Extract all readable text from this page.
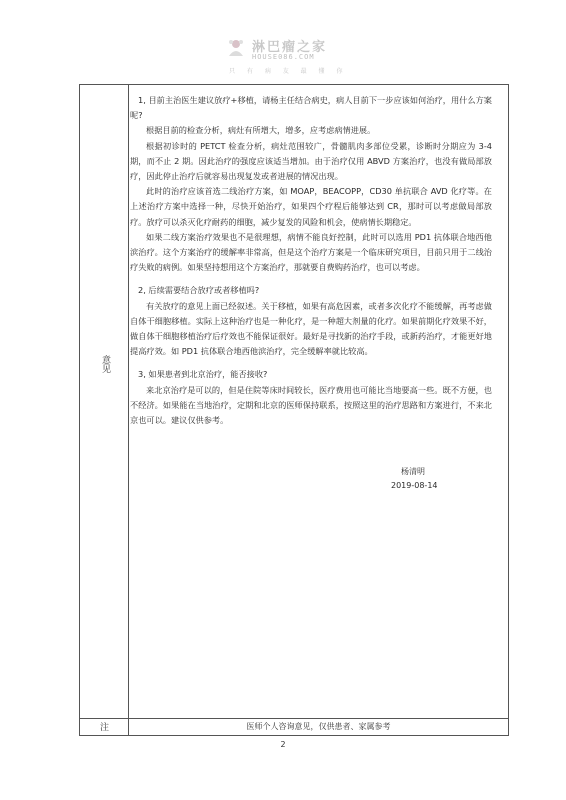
淋巴瘤之家
HOUSE086.COM
只 有 病 友 最 懂 你
意见
注	医师个人咨询意见，仅供患者、家属参考

1, 目前主治医生建议放疗+移植，请杨主任结合病史，病人目前下一步应该如何治疗，用什么方案呢?

根据目前的检查分析，病灶有所增大，增多，应考虑病情进展。

根据初诊时的 PETCT 检查分析，病灶范围较广，骨髓肌肉多部位受累，诊断时分期应为 3-4 期，而不止 2 期。因此治疗的强度应该适当增加。由于治疗仅用 ABVD 方案治疗，也没有做局部放疗，因此停止治疗后就容易出现复发或者进展的情况出现。

此时的治疗应该首选二线治疗方案，如 MOAP，BEACOPP，CD30 单抗联合 AVD 化疗等。在上述治疗方案中选择一种，尽快开始治疗，如果四个疗程后能够达到 CR，那时可以考虑做局部放疗。放疗可以杀灭化疗耐药的细胞，减少复发的风险和机会，使病情长期稳定。

如果二线方案治疗效果也不是很理想，病情不能良好控制，此时可以选用 PD1 抗体联合地西他滨治疗。这个方案治疗的缓解率非常高，但是这个治疗方案是一个临床研究项目，目前只用于二线治疗失败的病例。如果坚持想用这个方案治疗，那就要自费购药治疗，也可以考虑。

2, 后续需要结合放疗或者移植吗?

有关放疗的意见上面已经叙述。关于移植，如果有高危因素，或者多次化疗不能缓解，再考虑做自体干细胞移植。实际上这种治疗也是一种化疗，是一种超大剂量的化疗。如果前期化疗效果不好，做自体干细胞移植治疗后疗效也不能保证很好。最好是寻找新的治疗手段，或新药治疗，才能更好地提高疗效。如 PD1 抗体联合地西他滨治疗，完全缓解率就比较高。

3, 如果患者到北京治疗，能否接收?

来北京治疗是可以的，但是住院等床时间较长，医疗费用也可能比当地要高一些。既不方便，也不经济。如果能在当地治疗，定期和北京的医师保持联系，按照这里的治疗思路和方案进行，不来北京也可以。建议仅供参考。

杨清明
2019-08-14
2
